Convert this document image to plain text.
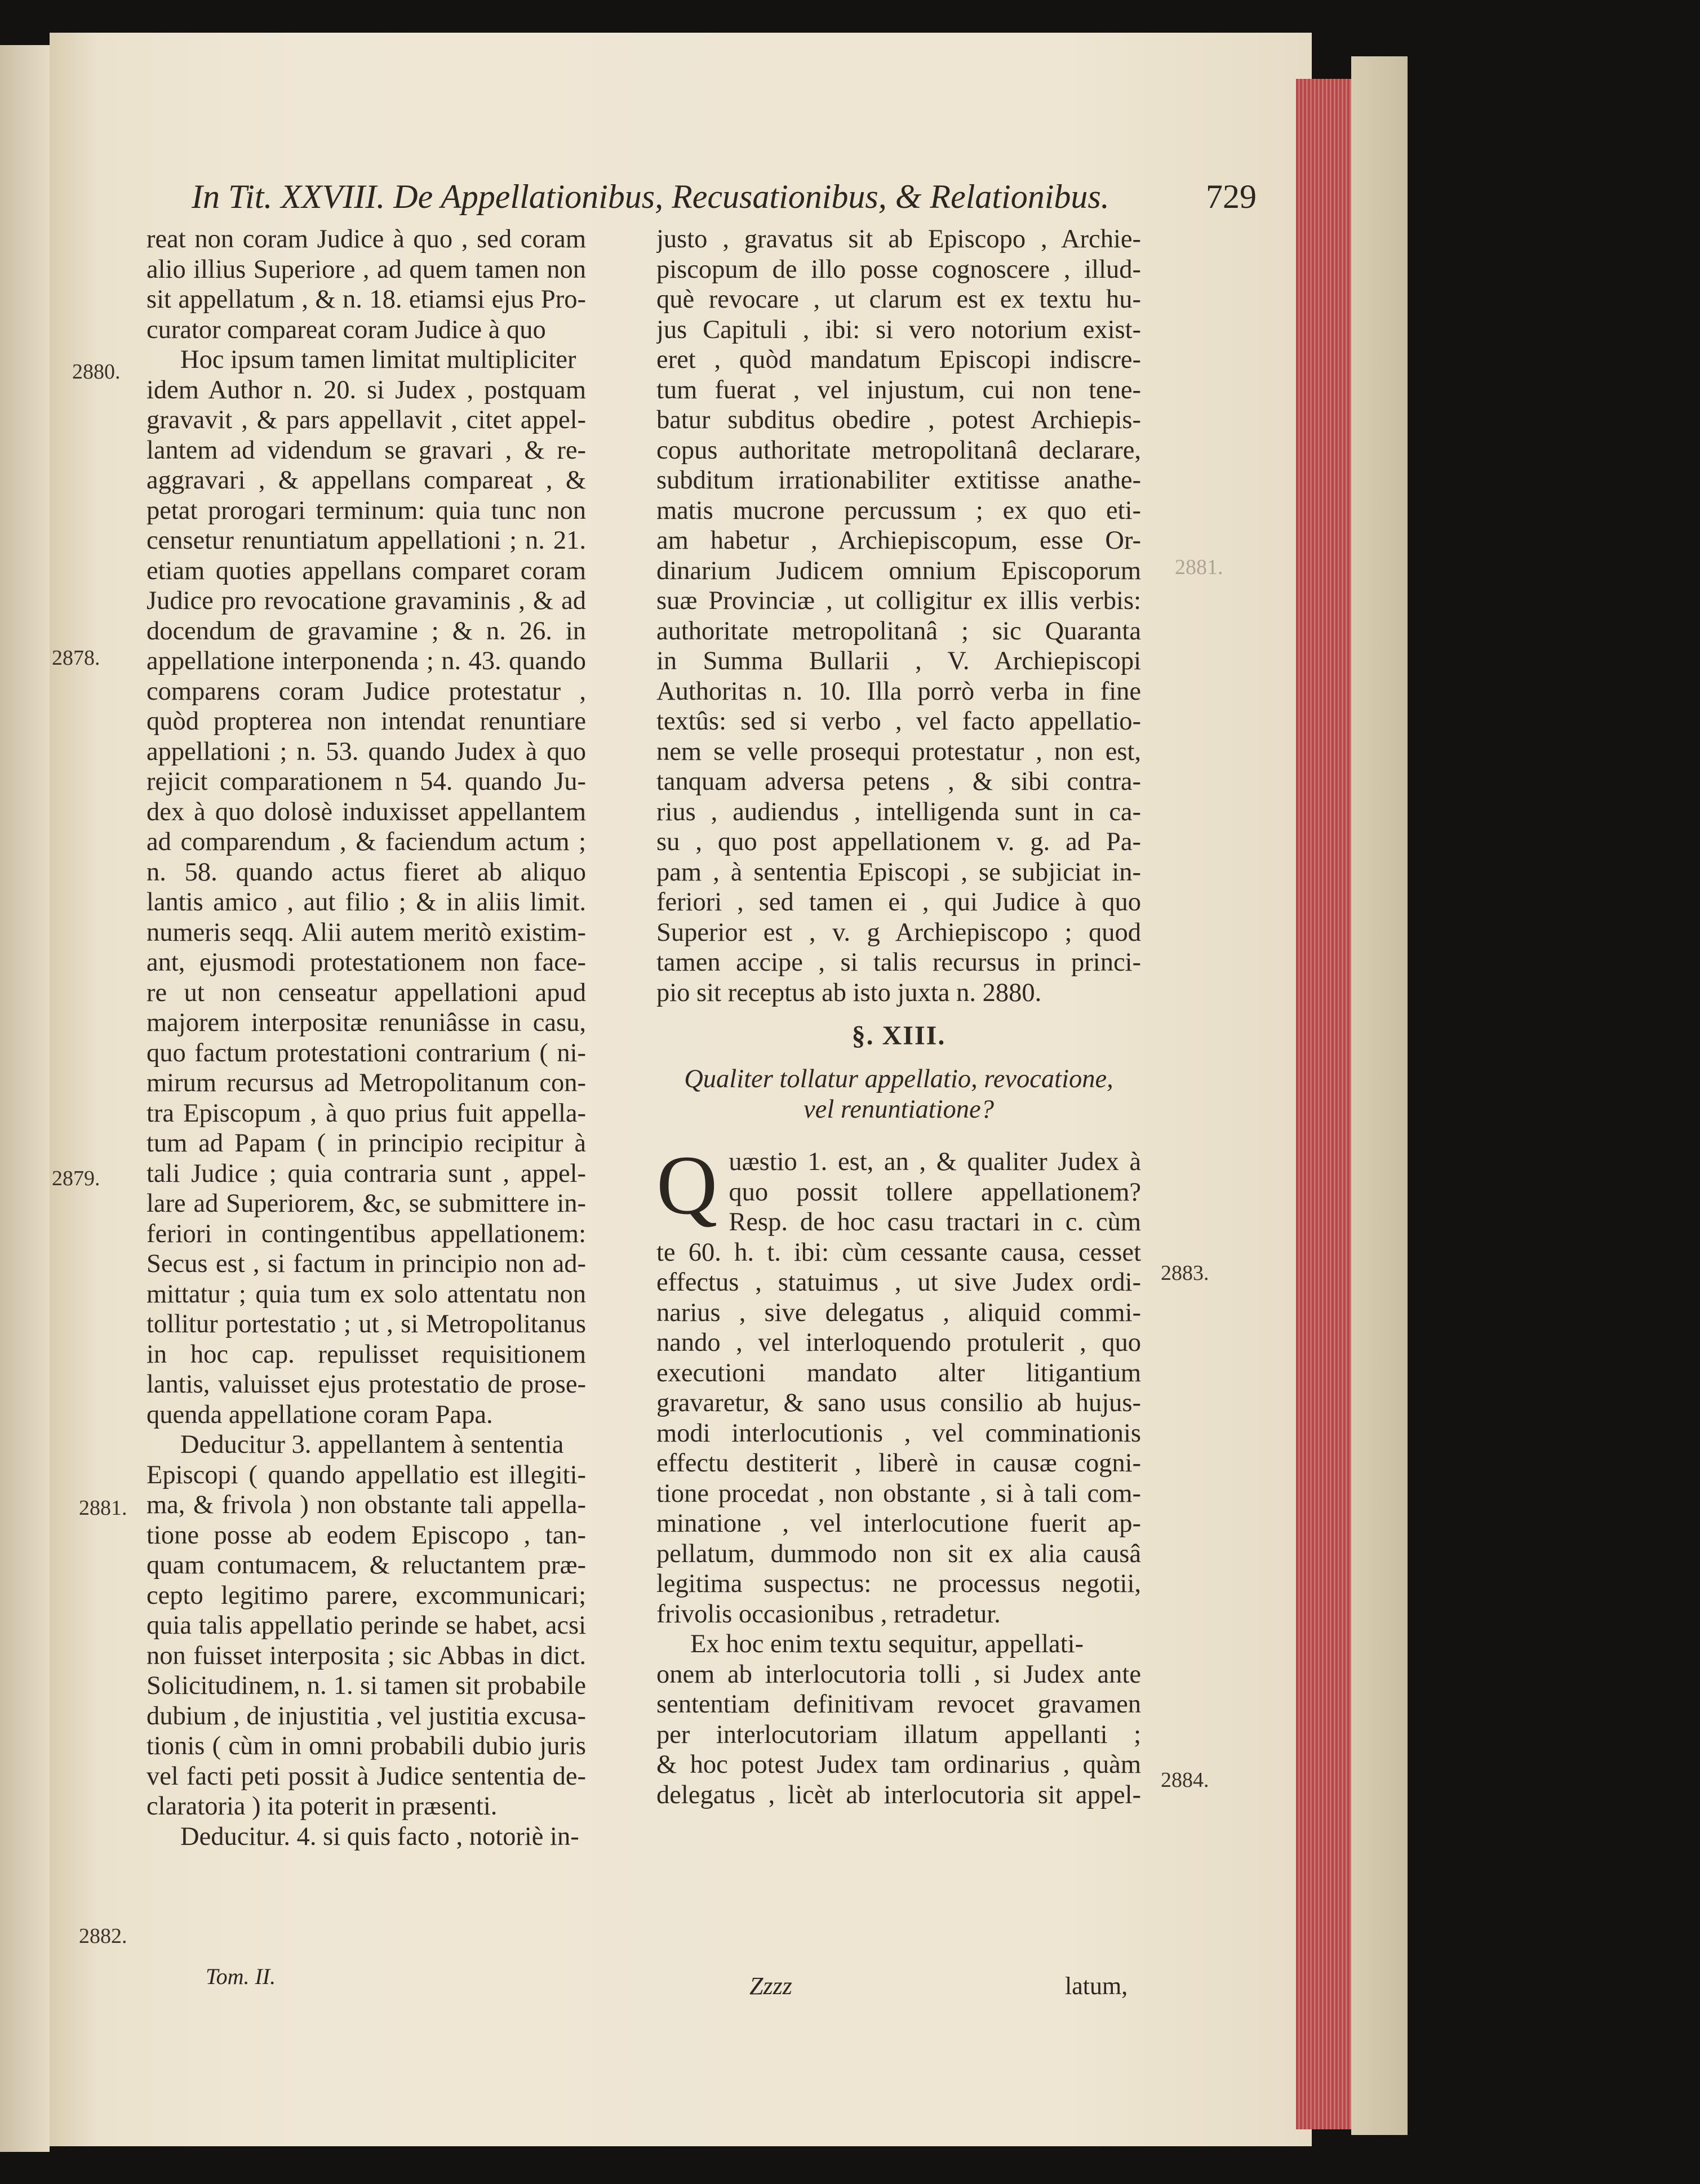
In Tit. XXVIII. De Appellationibus, Recusationibus, & Relationibus.	729
reat non coram Judice à quo , sed coram
alio illius Superiore , ad quem tamen non
sit appellatum , & n. 18. etiamsi ejus Pro-
curator compareat coram Judice à quo
Hoc ipsum tamen limitat multipliciter
idem Author n. 20. si Judex , postquam
gravavit , & pars appellavit , citet appel-
lantem ad videndum se gravari , & re-
aggravari , & appellans compareat , &
petat prorogari terminum: quia tunc non
censetur renuntiatum appellationi ; n. 21.
etiam quoties appellans comparet coram
Judice pro revocatione gravaminis , & ad
docendum de gravamine ; & n. 26. in
appellatione interponenda ; n. 43. quando
comparens coram Judice protestatur ,
quòd propterea non intendat renuntiare
appellationi ; n. 53. quando Judex à quo
rejicit comparationem n 54. quando Ju-
dex à quo dolosè induxisset appellantem
ad comparendum , & faciendum actum ;
n. 58. quando actus fieret ab aliquo
lantis amico , aut filio ; & in aliis limit.
numeris seqq. Alii autem meritò existim-
ant, ejusmodi protestationem non face-
re ut non censeatur appellationi apud
majorem interpositæ renuniâsse in casu,
quo factum protestationi contrarium ( ni-
mirum recursus ad Metropolitanum con-
tra Episcopum , à quo prius fuit appella-
tum ad Papam ( in principio recipitur à
tali Judice ; quia contraria sunt , appel-
lare ad Superiorem, &c, se submittere in-
feriori in contingentibus appellationem:
Secus est , si factum in principio non ad-
mittatur ; quia tum ex solo attentatu non
tollitur portestatio ; ut , si Metropolitanus
in hoc cap. repulisset requisitionem
lantis, valuisset ejus protestatio de prose-
quenda appellatione coram Papa.
Deducitur 3. appellantem à sententia
Episcopi ( quando appellatio est illegiti-
ma, & frivola ) non obstante tali appella-
tione posse ab eodem Episcopo , tan-
quam contumacem, & reluctantem præ-
cepto legitimo parere, excommunicari;
quia talis appellatio perinde se habet, acsi
non fuisset interposita ; sic Abbas in dict.
Solicitudinem, n. 1. si tamen sit probabile
dubium , de injustitia , vel justitia excusa-
tionis ( cùm in omni probabili dubio juris
vel facti peti possit à Judice sententia de-
claratoria ) ita poterit in præsenti.
Deducitur. 4. si quis facto , notoriè in-
justo , gravatus sit ab Episcopo , Archie-
piscopum de illo posse cognoscere , illud-
què revocare , ut clarum est ex textu hu-
jus Capituli , ibi: si vero notorium exist-
eret , quòd mandatum Episcopi indiscre-
tum fuerat , vel injustum, cui non tene-
batur subditus obedire , potest Archiepis-
copus authoritate metropolitanâ declarare,
subditum irrationabiliter extitisse anathe-
matis mucrone percussum ; ex quo eti-
am habetur , Archiepiscopum, esse Or-
dinarium Judicem omnium Episcoporum
suæ Provinciæ , ut colligitur ex illis verbis:
authoritate metropolitanâ ; sic Quaranta
in Summa Bullarii , V. Archiepiscopi
Authoritas n. 10. Illa porrò verba in fine
textûs: sed si verbo , vel facto appellatio-
nem se velle prosequi protestatur , non est,
tanquam adversa petens , & sibi contra-
rius , audiendus , intelligenda sunt in ca-
su , quo post appellationem v. g. ad Pa-
pam , à sententia Episcopi , se subjiciat in-
feriori , sed tamen ei , qui Judice à quo
Superior est , v. g Archiepiscopo ; quod
tamen accipe , si talis recursus in princi-
pio sit receptus ab isto juxta n. 2880.
§. XIII.
Qualiter tollatur appellatio, revocatione,
vel renuntiatione?
Q uæstio 1. est, an , & qualiter Judex à
quo possit tollere appellationem?
Resp. de hoc casu tractari in c. cùm
te 60. h. t. ibi: cùm cessante causa, cesset
effectus , statuimus , ut sive Judex ordi-
narius , sive delegatus , aliquid commi-
nando , vel interloquendo protulerit , quo
executioni mandato alter litigantium
gravaretur, & sano usus consilio ab hujus-
modi interlocutionis , vel comminationis
effectu destiterit , liberè in causæ cogni-
tione procedat , non obstante , si à tali com-
minatione , vel interlocutione fuerit ap-
pellatum, dummodo non sit ex alia causâ
legitima suspectus: ne processus negotii,
frivolis occasionibus , retradetur.
Ex hoc enim textu sequitur, appellati-
onem ab interlocutoria tolli , si Judex ante
sententiam definitivam revocet gravamen
per interlocutoriam illatum appellanti ;
& hoc potest Judex tam ordinarius , quàm
delegatus , licèt ab interlocutoria sit appel-
2880.
2878.
2879.
2881.
2882.
2881.
2883.
2884.
Tom. II.	Zzzz	latum,
